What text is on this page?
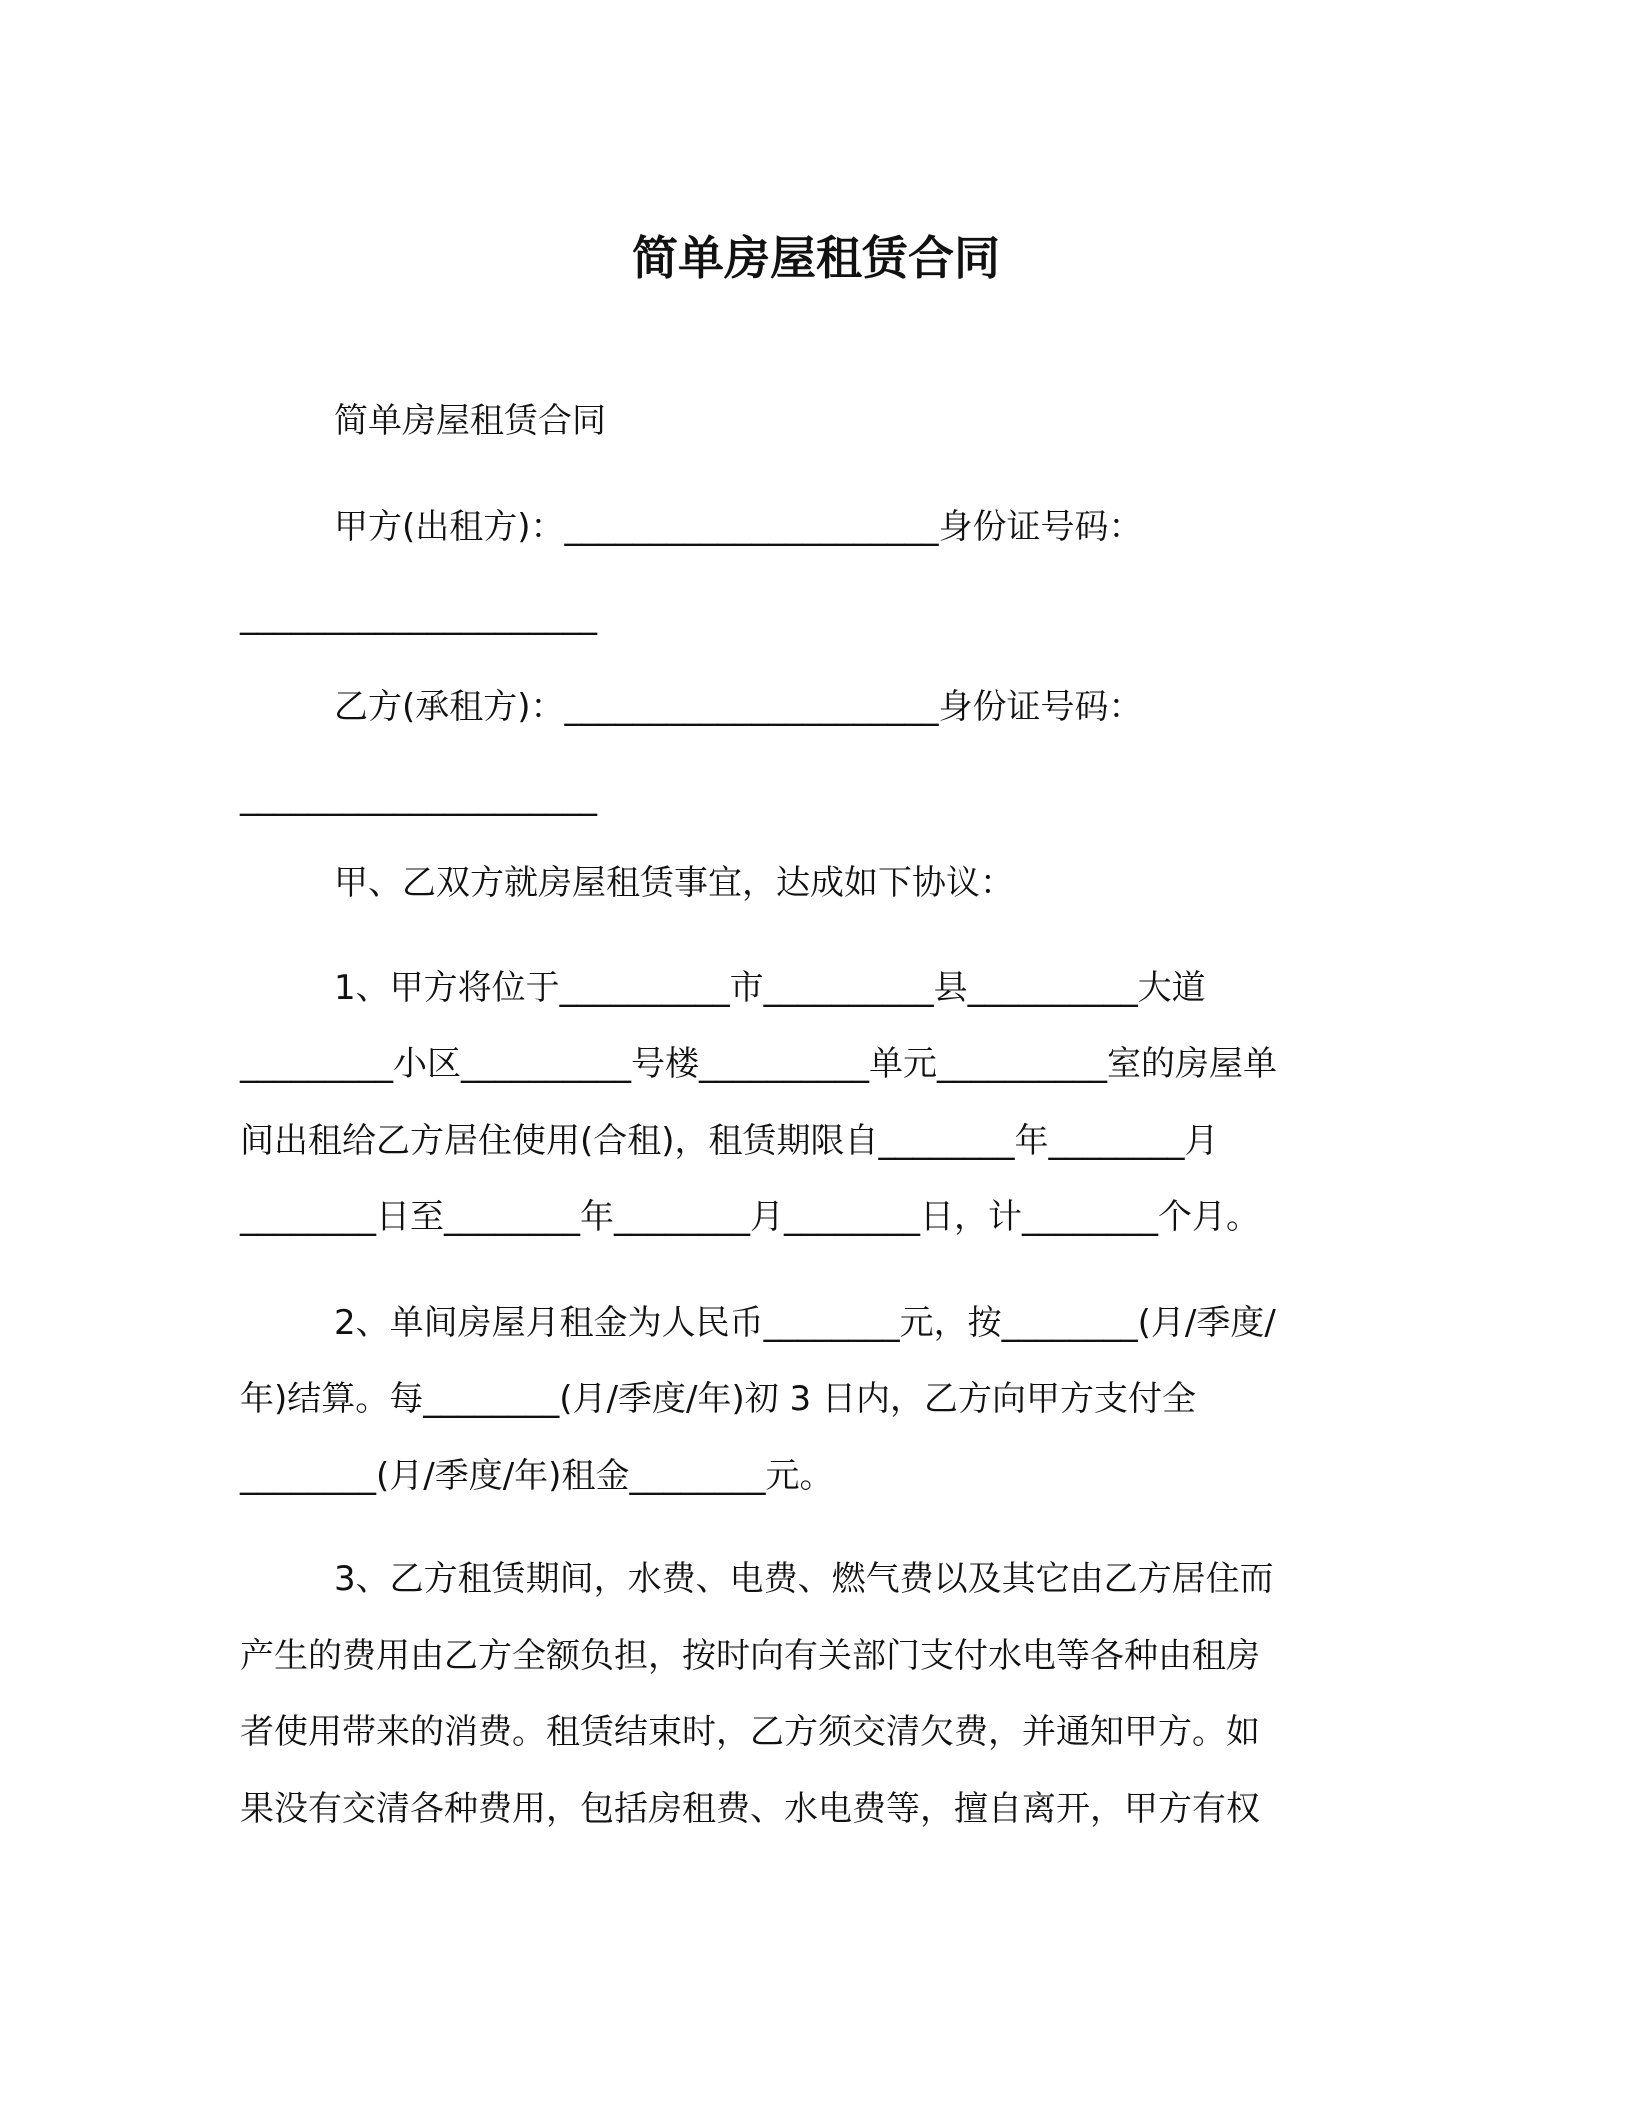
简单房屋租赁合同
简单房屋租赁合同
甲方(出租方)：______________________身份证号码：
_____________________
乙方(承租方)：______________________身份证号码：
_____________________
甲、乙双方就房屋租赁事宜，达成如下协议：
1、甲方将位于__________市__________县__________大道
_________小区__________号楼__________单元__________室的房屋单
间出租给乙方居住使用(合租)，租赁期限自________年________月
________日至________年________月________日，计________个月。
2、单间房屋月租金为人民币________元，按________(月/季度/
年)结算。每________(月/季度/年)初 3 日内，乙方向甲方支付全
________(月/季度/年)租金________元。
3、乙方租赁期间，水费、电费、燃气费以及其它由乙方居住而
产生的费用由乙方全额负担，按时向有关部门支付水电等各种由租房
者使用带来的消费。租赁结束时，乙方须交清欠费，并通知甲方。如
果没有交清各种费用，包括房租费、水电费等，擅自离开，甲方有权
